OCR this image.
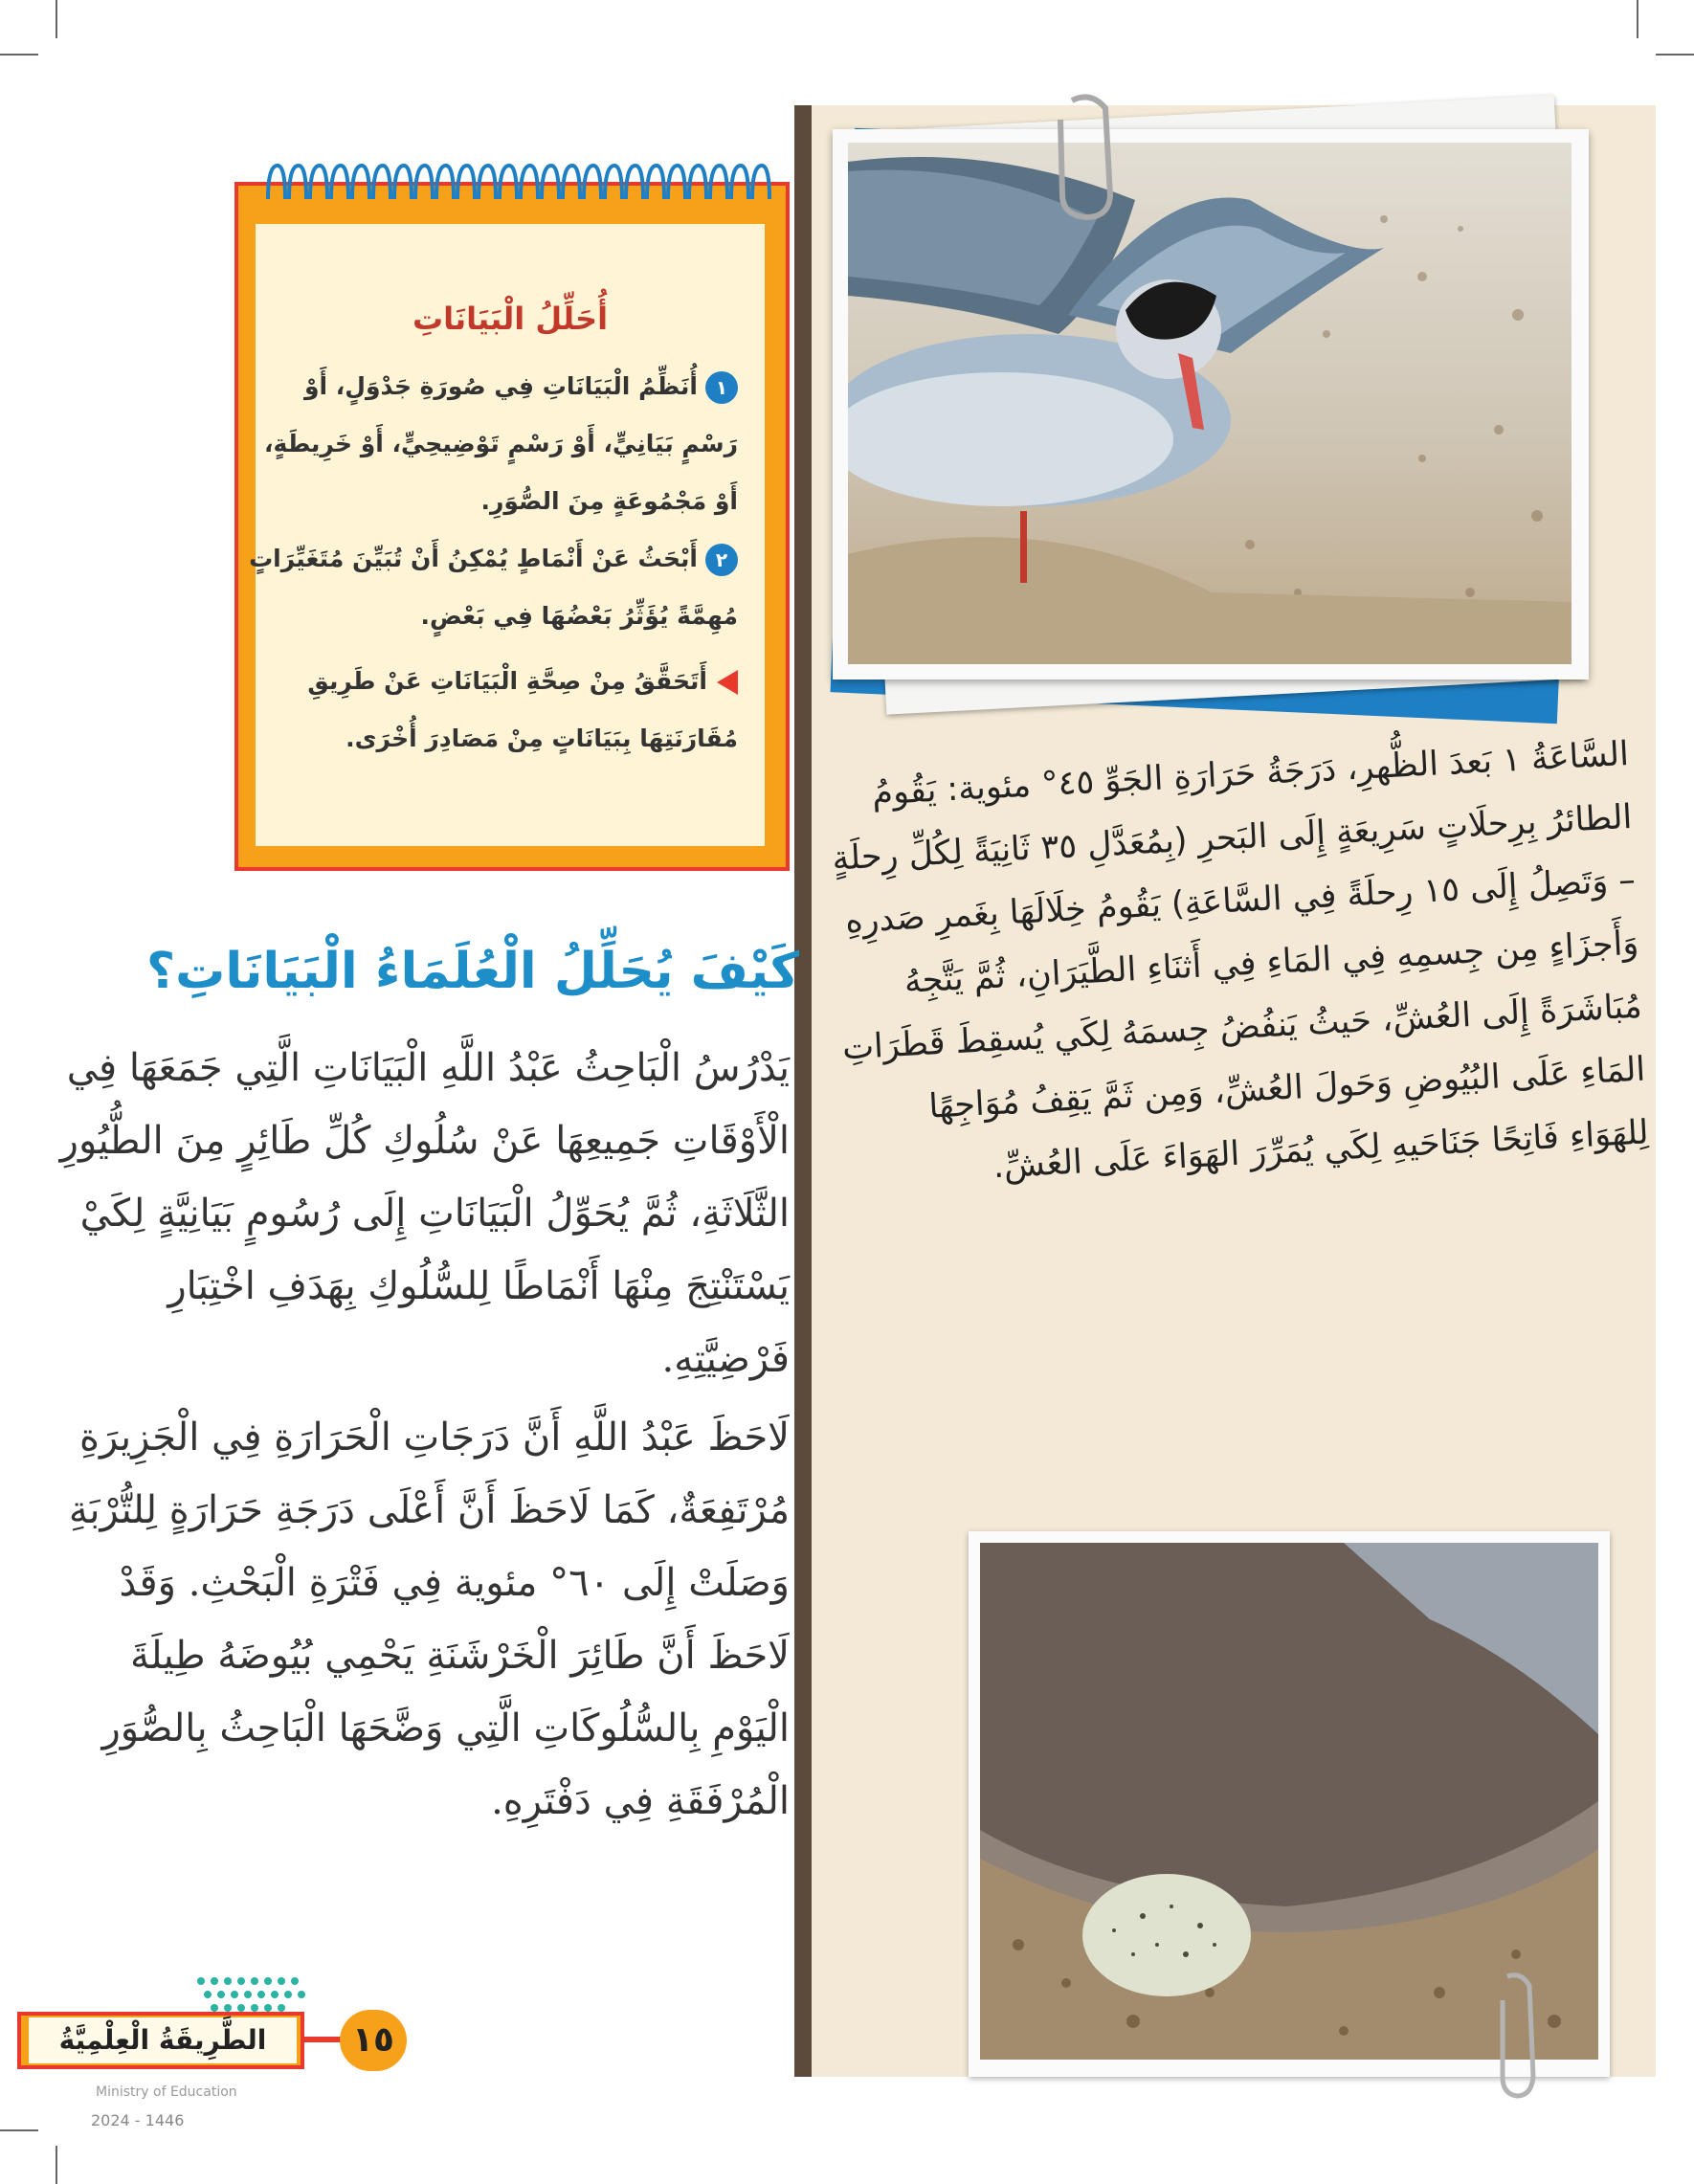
السَّاعَةُ ١ بَعدَ الظُّهرِ، دَرَجَةُ حَرَارَةِ الجَوِّ ٤٥° مئوية: يَقُومُ الطائرُ بِرِحلَاتٍ سَرِيعَةٍ إِلَى البَحرِ (بِمُعَدَّلِ ٣٥ ثَانِيَةً لِكُلِّ رِحلَةٍ – وَتَصِلُ إِلَى ١٥ رِحلَةً فِي السَّاعَةِ) يَقُومُ خِلَالَهَا بِغَمرِ صَدرِهِ وَأَجزَاءٍ مِن جِسمِهِ فِي المَاءِ فِي أَثنَاءِ الطَّيَرَانِ، ثُمَّ يَتَّجِهُ مُبَاشَرَةً إِلَى العُشِّ، حَيثُ يَنفُضُ جِسمَهُ لِكَي يُسقِطَ قَطَرَاتِ المَاءِ عَلَى البُيُوضِ وَحَولَ العُشِّ، وَمِن ثَمَّ يَقِفُ مُوَاجِهًا لِلهَوَاءِ فَاتِحًا جَنَاحَيهِ لِكَي يُمَرِّرَ الهَوَاءَ عَلَى العُشِّ.

أُحَلِّلُ الْبَيَانَاتِ
١أُنَظِّمُ الْبَيَانَاتِ فِي صُورَةِ جَدْوَلٍ، أَوْ رَسْمٍ بَيَانِيٍّ، أَوْ رَسْمٍ تَوْضِيحِيٍّ، أَوْ خَرِيطَةٍ، أَوْ مَجْمُوعَةٍ مِنَ الصُّوَرِ.
٢أَبْحَثُ عَنْ أَنْمَاطٍ يُمْكِنُ أَنْ تُبَيِّنَ مُتَغَيِّرَاتٍ مُهِمَّةً يُؤَثِّرُ بَعْضُهَا فِي بَعْضٍ.
أَتَحَقَّقُ مِنْ صِحَّةِ الْبَيَانَاتِ عَنْ طَرِيقِ مُقَارَنَتِهَا بِبَيَانَاتٍ مِنْ مَصَادِرَ أُخْرَى.
كَيْفَ يُحَلِّلُ الْعُلَمَاءُ الْبَيَانَاتِ؟

يَدْرُسُ الْبَاحِثُ عَبْدُ اللَّهِ الْبَيَانَاتِ الَّتِي جَمَعَهَا فِي الْأَوْقَاتِ جَمِيعِهَا عَنْ سُلُوكِ كُلِّ طَائِرٍ مِنَ الطُّيُورِ الثَّلَاثَةِ، ثُمَّ يُحَوِّلُ الْبَيَانَاتِ إِلَى رُسُومٍ بَيَانِيَّةٍ لِكَيْ يَسْتَنْتِجَ مِنْهَا أَنْمَاطًا لِلسُّلُوكِ بِهَدَفِ اخْتِبَارِ فَرْضِيَّتِهِ.

لَاحَظَ عَبْدُ اللَّهِ أَنَّ دَرَجَاتِ الْحَرَارَةِ فِي الْجَزِيرَةِ مُرْتَفِعَةٌ، كَمَا لَاحَظَ أَنَّ أَعْلَى دَرَجَةِ حَرَارَةٍ لِلتُّرْبَةِ وَصَلَتْ إِلَى ٦٠° مئوية فِي فَتْرَةِ الْبَحْثِ. وَقَدْ لَاحَظَ أَنَّ طَائِرَ الْخَرْشَنَةِ يَحْمِي بُيُوضَهُ طِيلَةَ الْيَوْمِ بِالسُّلُوكَاتِ الَّتِي وَضَّحَهَا الْبَاحِثُ بِالصُّوَرِ الْمُرْفَقَةِ فِي دَفْتَرِهِ.

الطَّرِيقَةُ الْعِلْمِيَّةُ	١٥
Ministry of Education
2024 - 1446
